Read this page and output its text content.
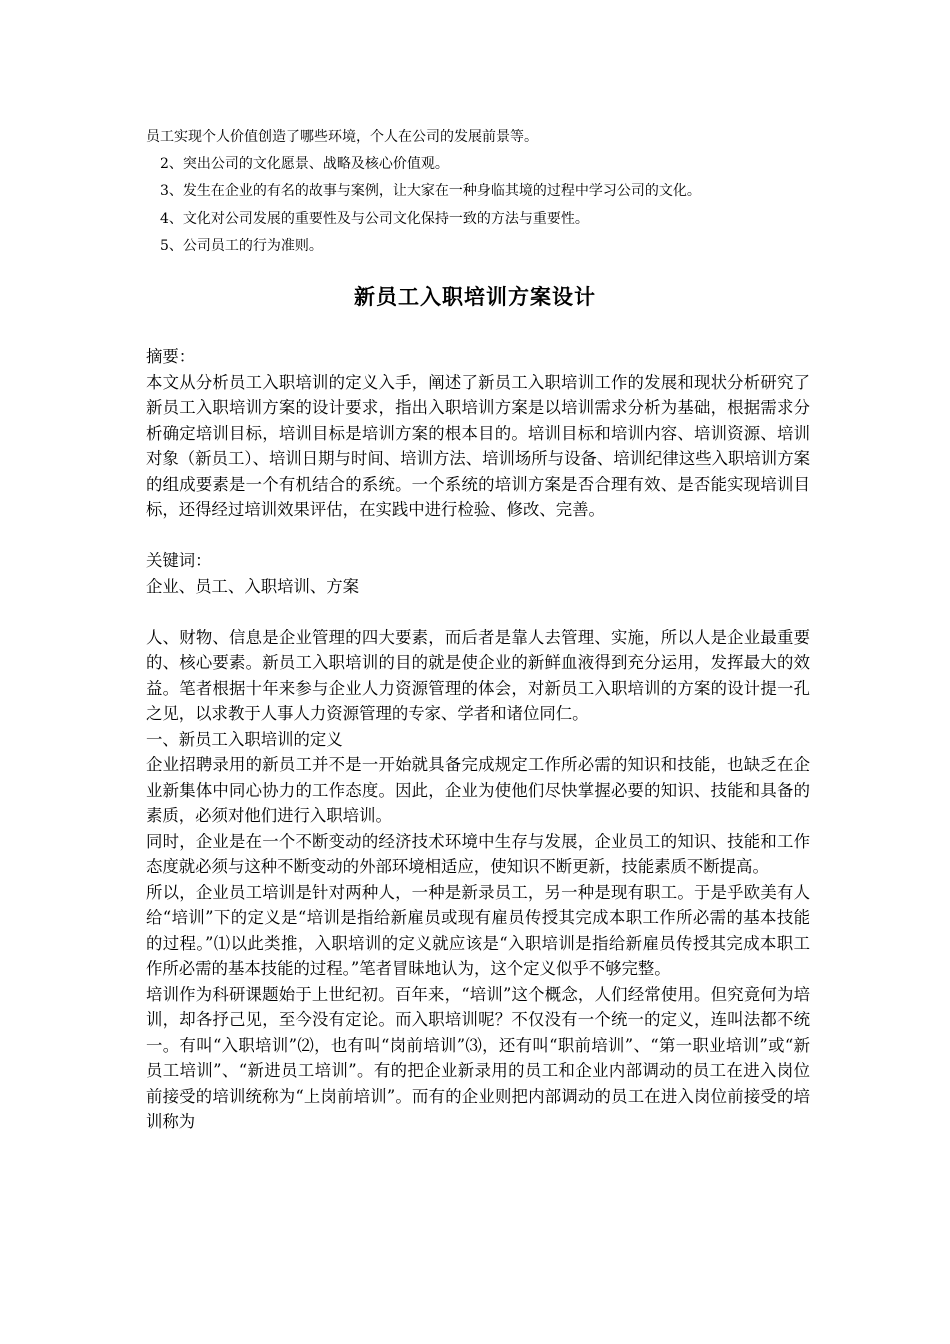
员工实现个人价值创造了哪些环境，个人在公司的发展前景等。
2、突出公司的文化愿景、战略及核心价值观。
3、发生在企业的有名的故事与案例，让大家在一种身临其境的过程中学习公司的文化。
4、文化对公司发展的重要性及与公司文化保持一致的方法与重要性。
5、公司员工的行为准则。
新员工入职培训方案设计

摘要：

本文从分析员工入职培训的定义入手，阐述了新员工入职培训工作的发展和现状分析研究了新员工入职培训方案的设计要求，指出入职培训方案是以培训需求分析为基础，根据需求分析确定培训目标，培训目标是培训方案的根本目的。培训目标和培训内容、培训资源、培训对象（新员工）、培训日期与时间、培训方法、培训场所与设备、培训纪律这些入职培训方案的组成要素是一个有机结合的系统。一个系统的培训方案是否合理有效、是否能实现培训目标，还得经过培训效果评估，在实践中进行检验、修改、完善。

关键词：

企业、员工、入职培训、方案

人、财物、信息是企业管理的四大要素，而后者是靠人去管理、实施，所以人是企业最重要的、核心要素。新员工入职培训的目的就是使企业的新鲜血液得到充分运用，发挥最大的效益。笔者根据十年来参与企业人力资源管理的体会，对新员工入职培训的方案的设计提一孔之见，以求教于人事人力资源管理的专家、学者和诸位同仁。

一、新员工入职培训的定义

企业招聘录用的新员工并不是一开始就具备完成规定工作所必需的知识和技能，也缺乏在企业新集体中同心协力的工作态度。因此，企业为使他们尽快掌握必要的知识、技能和具备的素质，必须对他们进行入职培训。

同时，企业是在一个不断变动的经济技术环境中生存与发展，企业员工的知识、技能和工作态度就必须与这种不断变动的外部环境相适应，使知识不断更新，技能素质不断提高。

所以，企业员工培训是针对两种人，一种是新录员工，另一种是现有职工。于是乎欧美有人给“培训”下的定义是“培训是指给新雇员或现有雇员传授其完成本职工作所必需的基本技能的过程。”⑴以此类推，入职培训的定义就应该是“入职培训是指给新雇员传授其完成本职工作所必需的基本技能的过程。”笔者冒昧地认为，这个定义似乎不够完整。

培训作为科研课题始于上世纪初。百年来，“培训”这个概念，人们经常使用。但究竟何为培训，却各抒己见，至今没有定论。而入职培训呢？不仅没有一个统一的定义，连叫法都不统一。有叫“入职培训”⑵，也有叫“岗前培训”⑶，还有叫“职前培训”、“第一职业培训”或“新员工培训”、“新进员工培训”。有的把企业新录用的员工和企业内部调动的员工在进入岗位前接受的培训统称为“上岗前培训”。而有的企业则把内部调动的员工在进入岗位前接受的培训称为
